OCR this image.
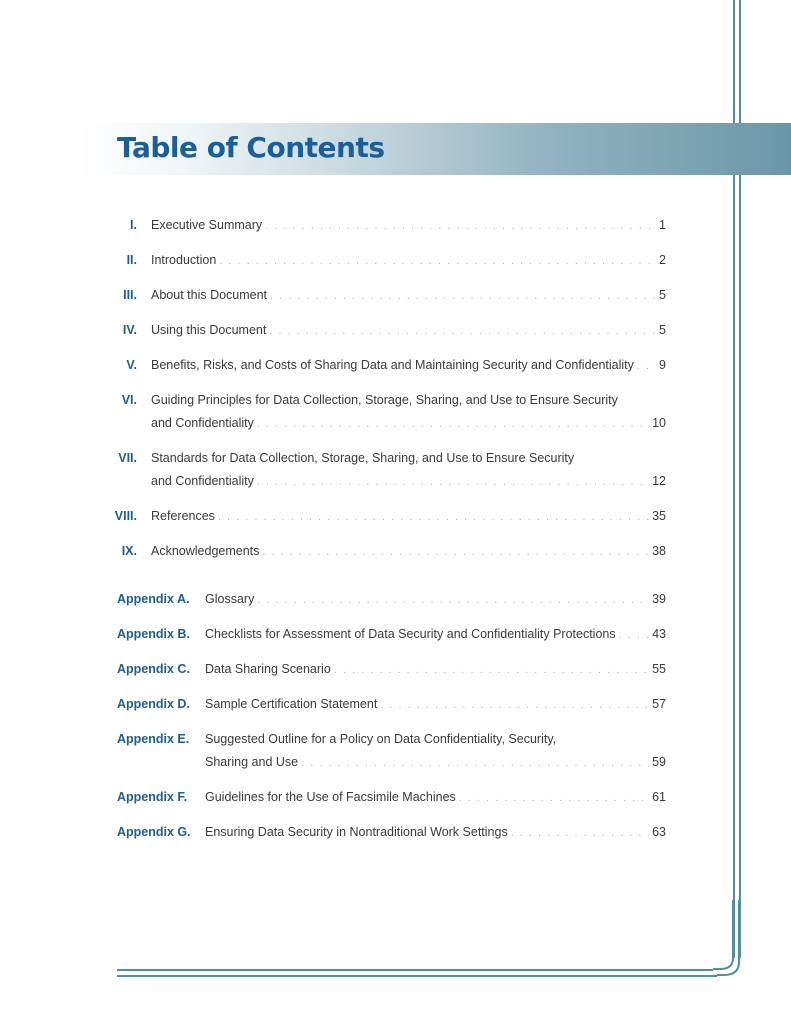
Table of Contents
I. Executive Summary . . .	1
II. Introduction . . .	2
III. About this Document . . .	5
IV. Using this Document . . .	5
V. Benefits, Risks, and Costs of Sharing Data and Maintaining Security and Confidentiality . . . 9
VI. Guiding Principles for Data Collection, Storage, Sharing, and Use to Ensure Security
and Confidentiality . . .	10
VII. Standards for Data Collection, Storage, Sharing, and Use to Ensure Security
and Confidentiality . . .	12
VIII. References . . .	35
IX. Acknowledgements . . .	38
Appendix A. Glossary . . .	39
Appendix B. Checklists for Assessment of Data Security and Confidentiality Protections . . .	43
Appendix C. Data Sharing Scenario . . .	55
Appendix D. Sample Certification Statement . . .	57
Appendix E. Suggested Outline for a Policy on Data Confidentiality, Security,
Sharing and Use . . .	59
Appendix F. Guidelines for the Use of Facsimile Machines . . .	61
Appendix G. Ensuring Data Security in Nontraditional Work Settings . . .	63
